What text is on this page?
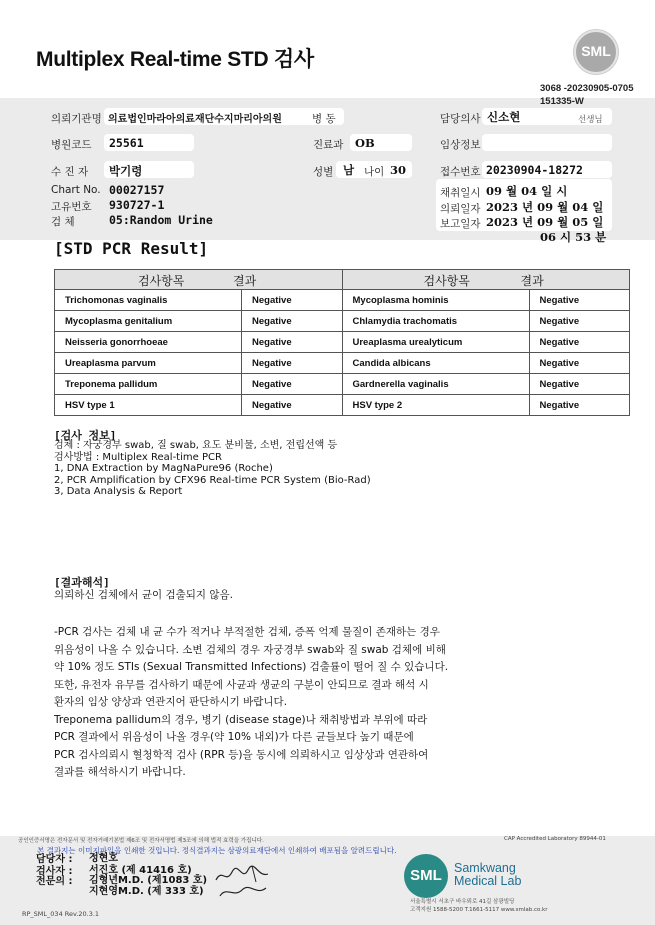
Multiplex Real-time STD 검사	SML
3068 -20230905-0705
151335-W
의뢰기관명 의료법인마라아의료재단수지마리아의원	병 동	담당의사 신소현	선생님
병원코드 25561	진료과 OB	임상정보
수 진 자 박기령	성별 남 나이 30	접수번호 20230904-18272
Chart No. 00027157
고유번호 930727-1
검 체	05:Random Urine
채취일시 09 월 04 일 시
의뢰일자 2023 년 09 월 04 일
보고일자 2023 년 09 월 05 일
06 시 53 분
[STD PCR Result]
검사항목 결과		검사항목 결과	

Trichomonas vaginalis	Negative	Mycoplasma hominis	Negative
Mycoplasma genitalium	Negative	Chlamydia trachomatis	Negative
Neisseria gonorrhoeae	Negative	Ureaplasma urealyticum	Negative
Ureaplasma parvum	Negative	Candida albicans	Negative
Treponema pallidum	Negative	Gardnerella vaginalis	Negative
HSV type 1	Negative	HSV type 2	Negative
[검사 정보]
검체 : 자궁경부 swab, 질 swab, 요도 분비물, 소변, 전립선액 등
검사방법 : Multiplex Real-time PCR
1, DNA Extraction by MagNaPure96 (Roche)
2, PCR Amplification by CFX96 Real-time PCR System (Bio-Rad)
3, Data Analysis & Report
[결과해석]
의뢰하신 검체에서 균이 검출되지 않음.
-PCR 검사는 검체 내 균 수가 적거나 부적절한 검체, 증폭 억제 물질이 존재하는 경우
위음성이 나올 수 있습니다. 소변 검체의 경우 자궁경부 swab와 질 swab 검체에 비해
약 10% 정도 STIs (Sexual Transmitted Infections) 검출률이 떨어 질 수 있습니다.
또한, 유전자 유무를 검사하기 때문에 사균과 생균의 구분이 안되므로 결과 해석 시
환자의 임상 양상과 연관지어 판단하시기 바랍니다.
Treponema pallidum의 경우, 병기 (disease stage)나 채취방법과 부위에 따라
PCR 결과에서 위음성이 나올 경우(약 10% 내외)가 다른 균들보다 높기 때문에
PCR 검사의뢰시 혈청학적 검사 (RPR 등)을 동시에 의뢰하시고 임상상과 연관하여
결과를 해석하시기 바랍니다.
공인인증서명은 전자문서 및 전자거래기본법 제6조 및 전자서명법 제3조에 의해 법적 효력을 가집니다.	CAP Accredited Laboratory 89944-01
본 결과지는 이미지파일을 인쇄한 것입니다. 정식결과지는 삼광의료재단에서 인쇄하여 배포됨을 알려드립니다.
담당자 : 정현호
검사자 : 서진호 (제 41416 호)
전문의 : 김형년M.D. (제1083 호)
지현영M.D. (제 333 호)
SML Samkwang
Medical Lab
서울특별시 서초구 바우뫼로 41길 삼광빌딩
고객지원 1588-5200 T.1661-5117 www.smlab.co.kr
RP_SML_034 Rev.20.3.1
